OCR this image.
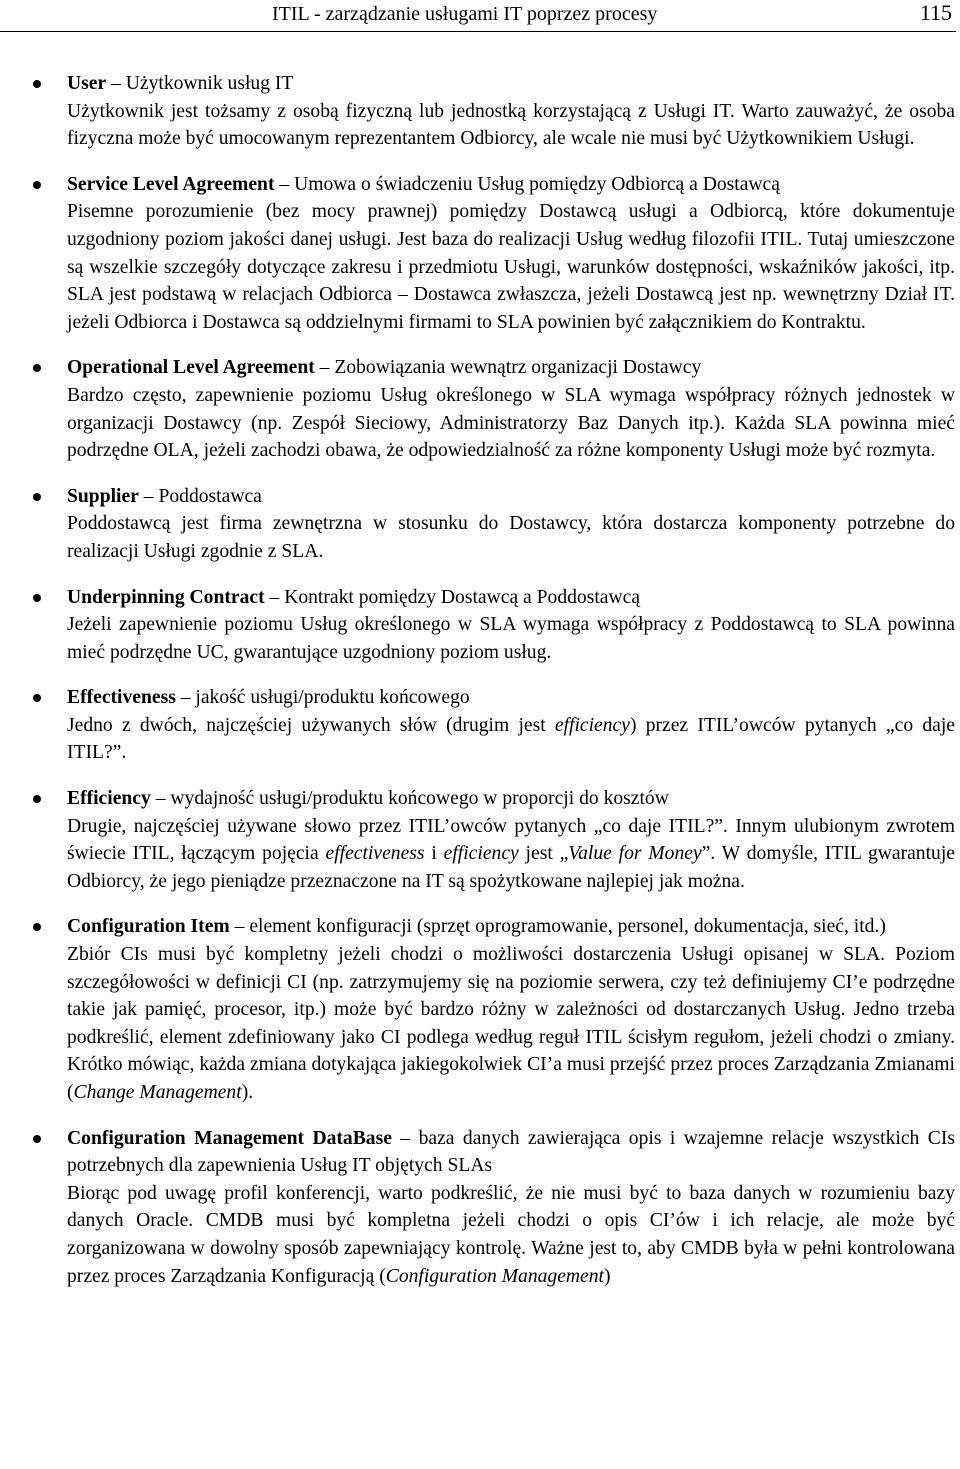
ITIL - zarządzanie usługami IT poprzez procesy	115

User – Użytkownik usług IT

Użytkownik jest tożsamy z osobą fizyczną lub jednostką korzystającą z Usługi IT. Warto zauważyć, że osoba fizyczna może być umocowanym reprezentantem Odbiorcy, ale wcale nie musi być Użytkownikiem Usługi.

Service Level Agreement – Umowa o świadczeniu Usług pomiędzy Odbiorcą a Dostawcą

Pisemne porozumienie (bez mocy prawnej) pomiędzy Dostawcą usługi a Odbiorcą, które dokumentuje uzgodniony poziom jakości danej usługi. Jest baza do realizacji Usług według filozofii ITIL. Tutaj umieszczone są wszelkie szczegóły dotyczące zakresu i przedmiotu Usługi, warunków dostępności, wskaźników jakości, itp. SLA jest podstawą w relacjach Odbiorca – Dostawca zwłaszcza, jeżeli Dostawcą jest np. wewnętrzny Dział IT. jeżeli Odbiorca i Dostawca są oddzielnymi firmami to SLA powinien być załącznikiem do Kontraktu.

Operational Level Agreement – Zobowiązania wewnątrz organizacji Dostawcy

Bardzo często, zapewnienie poziomu Usług określonego w SLA wymaga współpracy różnych jednostek w organizacji Dostawcy (np. Zespół Sieciowy, Administratorzy Baz Danych itp.). Każda SLA powinna mieć podrzędne OLA, jeżeli zachodzi obawa, że odpowiedzialność za różne komponenty Usługi może być rozmyta.

Supplier – Poddostawca

Poddostawcą jest firma zewnętrzna w stosunku do Dostawcy, która dostarcza komponenty potrzebne do realizacji Usługi zgodnie z SLA.

Underpinning Contract – Kontrakt pomiędzy Dostawcą a Poddostawcą

Jeżeli zapewnienie poziomu Usług określonego w SLA wymaga współpracy z Poddostawcą to SLA powinna mieć podrzędne UC, gwarantujące uzgodniony poziom usług.

Effectiveness – jakość usługi/produktu końcowego

Jedno z dwóch, najczęściej używanych słów (drugim jest efficiency) przez ITIL’owców pytanych „co daje ITIL?”.

Efficiency – wydajność usługi/produktu końcowego w proporcji do kosztów

Drugie, najczęściej używane słowo przez ITIL’owców pytanych „co daje ITIL?”. Innym ulubionym zwrotem świecie ITIL, łączącym pojęcia effectiveness i efficiency jest „Value for Money”. W domyśle, ITIL gwarantuje Odbiorcy, że jego pieniądze przeznaczone na IT są spożytkowane najlepiej jak można.

Configuration Item – element konfiguracji (sprzęt oprogramowanie, personel, dokumentacja, sieć, itd.)

Zbiór CIs musi być kompletny jeżeli chodzi o możliwości dostarczenia Usługi opisanej w SLA. Poziom szczegółowości w definicji CI (np. zatrzymujemy się na poziomie serwera, czy też definiujemy CI’e podrzędne takie jak pamięć, procesor, itp.) może być bardzo różny w zależności od dostarczanych Usług. Jedno trzeba podkreślić, element zdefiniowany jako CI podlega według reguł ITIL ścisłym regułom, jeżeli chodzi o zmiany. Krótko mówiąc, każda zmiana dotykająca jakiegokolwiek CI’a musi przejść przez proces Zarządzania Zmianami (Change Management).

Configuration Management DataBase – baza danych zawierająca opis i wzajemne relacje wszystkich CIs potrzebnych dla zapewnienia Usług IT objętych SLAs

Biorąc pod uwagę profil konferencji, warto podkreślić, że nie musi być to baza danych w rozumieniu bazy danych Oracle. CMDB musi być kompletna jeżeli chodzi o opis CI’ów i ich relacje, ale może być zorganizowana w dowolny sposób zapewniający kontrolę. Ważne jest to, aby CMDB była w pełni kontrolowana przez proces Zarządzania Konfiguracją (Configuration Management)
